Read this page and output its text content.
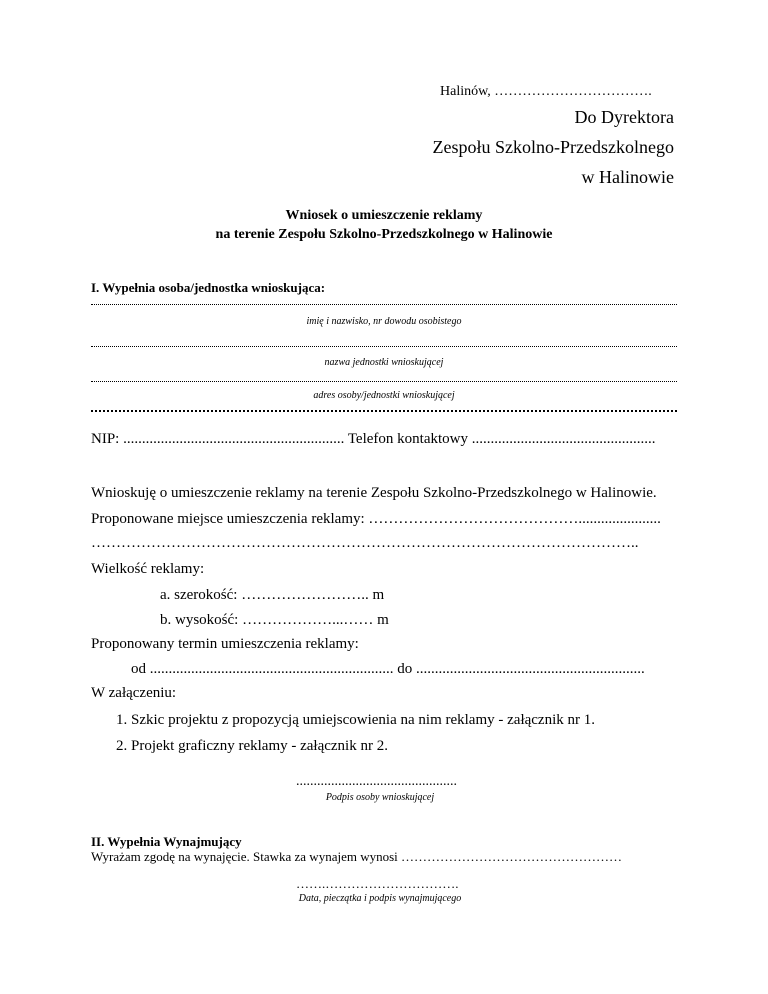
Halinów, …………………………….
Do Dyrektora
Zespołu Szkolno-Przedszkolnego
w Halinowie
Wniosek o umieszczenie reklamy
na terenie Zespołu Szkolno-Przedszkolnego w Halinowie
I. Wypełnia osoba/jednostka wnioskująca:
imię i nazwisko, nr dowodu osobistego
nazwa jednostki wnioskującej
adres osoby/jednostki wnioskującej
NIP: ........................................................... Telefon kontaktowy .................................................
Wnioskuję o umieszczenie reklamy na terenie Zespołu Szkolno-Przedszkolnego w Halinowie.
Proponowane miejsce umieszczenia reklamy: ……………………………………......................
………………………………………………………………………………………………..
Wielkość reklamy:
a. szerokość: …………………….. m
b. wysokość: ………………...…… m
Proponowany termin umieszczenia reklamy:
od ................................................................. do .............................................................
W załączeniu:
1. Szkic projektu z propozycją umiejscowienia na nim reklamy - załącznik nr 1.
2. Projekt graficzny reklamy - załącznik nr 2.
..............................................
Podpis osoby wnioskującej
II. Wypełnia Wynajmujący
Wyrażam zgodę na wynajęcie. Stawka za wynajem wynosi ……………………………………………
…….………………………….
Data, pieczątka i podpis wynajmującego
